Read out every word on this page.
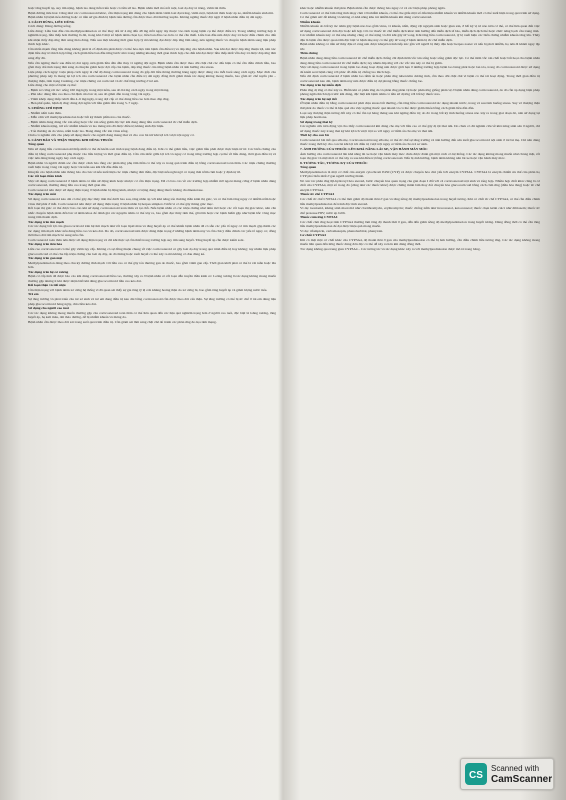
hoặc tăng huyết áp, suy tim nặng, bệnh lao đang tiến triển hoặc có tiền sử lao. Bệnh nhân mới mổ nối ruột, loét dạ dày tá tràng, viêm túi thừa.

Bệnh đường tiêu hóa: Cũng như các corticosteroid khác, cần thận trọng khi dùng cho bệnh nhân viêm loét đại tràng, viêm ruột, bệnh túi thừa hoặc áp xe, nhiễm khuẩn sinh mủ.

Bệnh nhân bị bệnh tiểu đường hoặc có tiền sử gia đình bị bệnh tiểu đường cần được theo dõi thường xuyên. Không ngừng thuốc đột ngột ở bệnh nhân điều trị dài ngày.

4. CÁCH DÙNG, LIỀU DÙNG

Cách dùng: Dùng đường uống.

Liều dùng: Liều ban đầu của methylprednisolon có thể thay đổi từ 4 mg đến 48 mg mỗi ngày tùy thuộc vào tình trạng bệnh cụ thể được điều trị. Trong những trường hợp ít nghiêm trọng, liều thấp hơn thường là đủ, trong khi ở một số bệnh nhân chọn lọc, liều ban đầu cao hơn có thể cần thiết. Liều ban đầu nên được duy trì hoặc điều chỉnh cho đến khi nhận thấy đáp ứng lâm sàng thỏa đáng. Nếu sau một khoảng thời gian hợp lý mà không đạt được đáp ứng lâm sàng, nên ngừng thuốc và chuyển bệnh nhân sang liệu pháp thích hợp khác.

Cần nhấn mạnh rằng liều dùng không phải là cố định mà phải được cá thể hóa dựa trên bệnh cần điều trị và đáp ứng của bệnh nhân. Sau khi đạt được đáp ứng thuận lợi, nên xác định liều duy trì thích hợp bằng cách giảm liều ban đầu từng bước nhỏ trong những khoảng thời gian thích hợp cho đến khi đạt được liều thấp nhất vẫn duy trì được đáp ứng lâm sàng đầy đủ.

Nếu cần ngừng thuốc sau điều trị dài ngày, nên giảm liều dần dần thay vì ngừng đột ngột. Bệnh nhân cần được theo dõi chặt chẽ các dấu hiệu có thể cần điều chỉnh liều, bao gồm thay đổi tình trạng lâm sàng do thuyên giảm hoặc đợt cấp của bệnh, đáp ứng thuốc của từng bệnh nhân và ảnh hưởng của stress.

Liệu pháp cách ngày: Liệu pháp cách ngày là chế độ dùng corticosteroid trong đó gấp đôi liều thông thường hàng ngày được dùng vào mỗi buổi sáng cách ngày. Mục đích của phương pháp này là mang lại lợi ích của corticosteroid cho bệnh nhân cần điều trị dài ngày đồng thời giảm thiểu tác dụng không mong muốn, bao gồm ức chế tuyến yên – thượng thận, tình trạng Cushing, các triệu chứng cai corticoid và ức chế tăng trưởng ở trẻ em.

Liều dùng cho một số bệnh cụ thể:

– Bệnh xơ cứng rải rác: uống 160 mg/ngày trong một tuần, sau đó 64 mg cách ngày trong một tháng.

– Phù não: dùng liều cao theo chỉ định của bác sĩ, sau đó giảm dần trong vòng vài ngày.

– Viêm khớp dạng thấp: khởi đầu 4–6 mg/ngày, trong đợt cấp có thể dùng liều cao hơn theo đáp ứng.

– Hen phế quản, bệnh dị ứng: dùng đợt ngắn với liều giảm dần trong 5–7 ngày.

5. CHỐNG CHỈ ĐỊNH

– Nhiễm nấm toàn thân.

– Mẫn cảm với methylprednisolon hoặc bất kỳ thành phần nào của thuốc.

– Bệnh nhân đang dùng vắc xin sống hoặc vắc xin sống giảm độc lực khi đang dùng liều corticosteroid ức chế miễn dịch.

– Nhiễm khuẩn nặng, trừ sốc nhiễm khuẩn và lao màng não đã được điều trị kháng sinh đặc hiệu.

– Tổn thương da do virus, nấm hoặc lao. Đang dùng vắc xin virus sống.

Chưa có nghiên cứu cho phép sử dụng thuốc cho người đang mang thai và cho con bú trừ khi lợi ích vượt trội nguy cơ.

6. CẢNH BÁO VÀ THẬN TRỌNG KHI DÙNG THUỐC

Tổng quan

Nên sử dụng liều corticosteroid thấp nhất có thể để kiểm soát tình trạng bệnh đang điều trị. Khi có thể giảm liều, việc giảm liều phải được thực hiện từ từ. Các biến chứng của điều trị bằng corticosteroid phụ thuộc vào liều lượng và thời gian điều trị. Cần cân nhắc giữa lợi ích và nguy cơ trong từng trường hợp cụ thể về liều dùng, thời gian điều trị và việc nên dùng hàng ngày hay cách ngày.

Bệnh nhân và người chăm sóc cần được cảnh báo rằng các phản ứng phụ tâm thần có thể xảy ra trong quá trình điều trị bằng corticosteroid toàn thân. Các triệu chứng thường xuất hiện trong vòng vài ngày hoặc vài tuần sau khi bắt đầu điều trị.

Khuyến cáo bệnh nhân nên thông báo cho bác sĩ nếu xuất hiện các triệu chứng tâm thần, đặc biệt nếu nghi ngờ có trạng thái trầm cảm hoặc ý định tự tử.

Các rối loạn thần kinh

Việc sử dụng corticosteroid ở bệnh nhân có tiền sử động kinh hoặc nhược cơ cần thận trọng. Đã có báo cáo về các trường hợp nhiễm mỡ ngoài màng cứng ở bệnh nhân dùng corticosteroid, thường dùng liều cao trong thời gian dài.

Corticosteroid nên được sử dụng thận trọng ở bệnh nhân bị động kinh, nhược cơ nặng đang dùng thuốc kháng cholinesterase.

Tác dụng trên mắt

Sử dụng corticosteroid kéo dài có thể gây đục thủy tinh thể dưới bao sau, tăng nhãn áp với khả năng tổn thương thần kinh thị giác, và có thể làm tăng nguy cơ nhiễm nấm hoặc virus thứ phát ở mắt. Corticosteroid nên được sử dụng thận trọng ở bệnh nhân bị herpes simplex ở mắt vì có thể gây thủng giác mạc.

Rối loạn thị giác có thể được báo cáo khi sử dụng corticosteroid toàn thân và tại chỗ. Nếu bệnh nhân có các triệu chứng như nhìn mờ hoặc các rối loạn thị giác khác, nên cân nhắc chuyển bệnh nhân đến bác sĩ nhãn khoa để đánh giá các nguyên nhân có thể xảy ra, bao gồm đục thủy tinh thể, glôcôm hoặc các bệnh hiếm gặp như bệnh hắc võng mạc trung tâm thanh dịch.

Tác dụng trên tim mạch

Các tác dụng bất lợi của glucocorticoid trên hệ tim mạch như rối loạn lipid máu và tăng huyết áp có thể khiến bệnh nhân đã có sẵn các yếu tố nguy cơ tim mạch gặp thêm các tác dụng tim mạch khác nếu dùng liều cao và kéo dài. Do đó, corticosteroid nên được dùng thận trọng ở những bệnh nhân này và cần chú ý điều chỉnh các yếu tố nguy cơ, đồng thời theo dõi tim mạch bổ sung nếu cần.

Corticosteroid toàn thân nên được sử dụng thận trọng và chỉ khi thực sự cần thiết trong trường hợp suy tim sung huyết. Tăng huyết áp cần được kiểm soát.

Tác dụng trên tiêu hóa

Liều cao corticosteroid có thể gây viêm tụy cấp. Không có sự đồng thuận chung về việc corticosteroid có gây loét dạ dày trong quá trình điều trị hay không; tuy nhiên liệu pháp glucocorticoid có thể che lấp triệu chứng của loét dạ dày, do đó thủng hoặc xuất huyết có thể xảy ra mà không có đau đáng kể.

Tác dụng trên gan mật

Methylprednisolon dùng theo chu kỳ đường tĩnh mạch với liều cao có thể gây tổn thương gan do thuốc, bao gồm viêm gan cấp. Thời gian khởi phát có thể là vài tuần hoặc lâu hơn.

Tác dụng trên hệ cơ xương

Bệnh cơ cấp tính đã được báo cáo khi dùng corticosteroid liều cao, thường xảy ra ở bệnh nhân có rối loạn dẫn truyền thần kinh cơ. Loãng xương là tác dụng không mong muốn thường gặp nhưng ít khi được nhận biết khi dùng glucocorticoid liều cao kéo dài.

Rối loạn thận và tiết niệu

Cần thận trọng với bệnh nhân xơ cứng hệ thống vì đã quan sát thấy sự gia tăng tỷ lệ cơn khủng hoảng thận do xơ cứng bì, bao gồm tăng huyết áp và giảm lượng nước tiểu.

Trẻ em

Sự tăng trưởng và phát triển của trẻ sơ sinh và trẻ em đang điều trị kéo dài bằng corticosteroid cần được theo dõi cẩn thận. Sự tăng trưởng có thể bị ức chế ở trẻ em dùng liệu pháp glucocorticoid hàng ngày, chia liều kéo dài.

Sử dụng cho người cao tuổi

Các tác dụng không mong muốn thường gặp của corticosteroid toàn thân có thể liên quan đến các hậu quả nghiêm trọng hơn ở người cao tuổi, đặc biệt là loãng xương, tăng huyết áp, hạ kali máu, đái tháo đường, dễ bị nhiễm khuẩn và mỏng da.

Bệnh nhân cần được theo dõi sát trong suốt quá trình điều trị. Cần giám sát lâm sàng chặt chẽ để tránh các phản ứng đe dọa tính mạng.

khác hoặc nhiễm khuẩn thứ phát. Bệnh nhân cần được thông báo nguy cơ và các biện pháp phòng ngừa.

Corticosteroid có thể làm tăng tính nhạy cảm với nhiễm khuẩn, có thể che giấu một số dấu hiệu nhiễm khuẩn và nhiễm khuẩn mới có thể xuất hiện trong quá trình sử dụng. Có thể giảm sức đề kháng và không có khả năng khu trú nhiễm khuẩn khi dùng corticosteroid.

Nhiễm khuẩn

Nhiễm khuẩn do bất kỳ tác nhân gây bệnh nào bao gồm virus, vi khuẩn, nấm, động vật nguyên sinh hoặc giun sán, ở bất kỳ vị trí nào trên cơ thể, có thể liên quan đến việc sử dụng corticosteroid đơn độc hoặc kết hợp với các thuốc ức chế miễn dịch khác ảnh hưởng đến miễn dịch tế bào, miễn dịch dịch thể hoặc chức năng bạch cầu trung tính.

Các nhiễm khuẩn này có thể nhẹ nhưng cũng có thể nặng và đôi khi gây tử vong. Khi tăng liều corticosteroid, tỷ lệ xuất hiện các biến chứng nhiễm khuẩn tăng lên. Thủy đậu là bệnh cần được quan tâm đặc biệt vì bệnh nhẹ này có thể gây tử vong ở bệnh nhân bị ức chế miễn dịch.

Bệnh nhân không có tiền sử thủy đậu rõ ràng nên được khuyên tránh tiếp xúc gần với người bị thủy đậu hoặc herpes zoster và nếu bị phơi nhiễm, họ nên đi khám ngay lập tức.

Tiêm chủng

Bệnh nhân đang dùng liều corticosteroid ức chế miễn dịch chống chỉ định tiêm vắc xin sống hoặc sống giảm độc lực. Có thể tiêm vắc xin chết hoặc bất hoạt cho bệnh nhân đang dùng liều corticosteroid ức chế miễn dịch; tuy nhiên đáp ứng với các vắc xin này có thể bị giảm.

Việc sử dụng corticosteroid trong bệnh lao đang hoạt động nên được giới hạn ở những trường hợp bệnh lao bùng phát hoặc lan tỏa, trong đó corticosteroid được sử dụng để kiểm soát bệnh cùng với phác đồ điều trị chống lao thích hợp.

Nếu chỉ định corticosteroid ở bệnh nhân lao tiềm ẩn hoặc phản ứng tuberculin dương tính, cần theo dõi chặt chẽ vì bệnh có thể tái hoạt động. Trong thời gian điều trị corticosteroid kéo dài, bệnh nhân này nên được điều trị dự phòng bằng thuốc chống lao.

Tác dụng trên hệ miễn dịch

Phản ứng dị ứng có thể xảy ra. Hiếm khi có phản ứng da và phản ứng phản vệ hoặc phản ứng giống phản vệ ở bệnh nhân dùng corticosteroid, do đó cần áp dụng biện pháp phòng ngừa thích hợp trước khi dùng, đặc biệt khi bệnh nhân có tiền sử dị ứng với bất kỳ thuốc nào.

Tác dụng trên hệ nội tiết

Ở bệnh nhân điều trị bằng corticosteroid phải chịu stress bất thường, cần tăng liều corticosteroid tác dụng nhanh trước, trong và sau tình huống stress. Suy vỏ thượng thận thứ phát do thuốc có thể là hậu quả của việc ngừng thuốc quá nhanh và có thể được giảm thiểu bằng cách giảm liều dần dần.

Loại suy thượng thận tương đối này có thể tồn tại hàng tháng sau khi ngừng điều trị; do đó trong bất kỳ tình huống stress nào xảy ra trong giai đoạn đó, nên sử dụng lại liệu pháp hormone.

Sử dụng trong thai kỳ

Các nghiên cứu trên động vật cho thấy corticosteroid khi dùng cho mẹ với liều cao có thể gây dị tật thai nhi. Do chưa có đủ nghiên cứu về khả năng sinh sản ở người, chỉ sử dụng thuốc này trong thai kỳ khi lợi ích vượt trội so với nguy cơ tiềm ẩn cho mẹ và thai nhi.

Thời kỳ cho con bú

Corticosteroid bài tiết qua sữa mẹ. Corticosteroid trong sữa mẹ có thể ức chế sự tăng trưởng và ảnh hưởng đến sản xuất glucocorticoid nội sinh ở trẻ bú mẹ. Chỉ nên dùng thuốc trong thời kỳ cho con bú khi lợi ích điều trị vượt trội nguy cơ tiềm ẩn cho trẻ sơ sinh.

7. ẢNH HƯỞNG CỦA THUỐC LÊN KHẢ NĂNG LÁI XE, VẬN HÀNH MÁY MÓC

Ảnh hưởng của corticosteroid lên khả năng lái xe hoặc vận hành máy móc chưa được đánh giá một cách có hệ thống. Các tác dụng không mong muốn như chóng mặt, rối loạn thị giác và mệt mỏi có thể xảy ra sau khi điều trị bằng corticosteroid. Nếu bị ảnh hưởng, bệnh nhân không nên lái xe hoặc vận hành máy móc.

8. TƯƠNG TÁC, TƯƠNG KỴ CỦA THUỐC

Tổng quan

Methylprednisolon là một cơ chất của enzym cytochrom P450 (CYP) và được chuyển hóa chủ yếu bởi enzym CYP3A4. CYP3A4 là enzym chiếm ưu thế của phân họ CYP phổ biến nhất ở gan người trưởng thành.

Nó xúc tác phản ứng 6β-hydroxyl hóa steroid, bước chuyển hóa quan trọng của giai đoạn I đối với cả corticosteroid nội sinh và tổng hợp. Nhiều hợp chất khác cũng là cơ chất của CYP3A4, một số trong đó (cũng như các thuốc khác) được chứng minh làm thay đổi chuyển hóa glucocorticoid bằng cách cảm ứng (điều hòa tăng) hoặc ức chế enzym CYP3A4.

Thuốc ức chế CYP3A4

Các chất ức chế CYP3A4 có thể làm giảm độ thanh thải ở gan và tăng nồng độ methylprednisolon trong huyết tương. Khi có chất ức chế CYP3A4, có thể cần điều chỉnh liều methylprednisolon để tránh độc tính steroid.

Ví dụ: isoniazid, kháng sinh macrolid như clarithromycin, erythromycin; thuốc chống nấm như itraconazol, ketoconazol; thuốc chẹn kênh calci như diltiazem; thuốc ức chế protease HIV; nước ép bưởi.

Thuốc cảm ứng CYP3A4

Các chất cảm ứng hoạt tính CYP3A4 thường làm tăng độ thanh thải ở gan, dẫn đến giảm nồng độ methylprednisolon trong huyết tương. Dùng đồng thời có thể cần tăng liều methylprednisolon để đạt được hiệu quả mong muốn.

Ví dụ: rifampicin, carbamazepin, phenobarbital, phenytoin.

Cơ chất CYP3A4

Khi có mặt một cơ chất khác của CYP3A4, độ thanh thải ở gan của methylprednisolon có thể bị ảnh hưởng, cần điều chỉnh liều tương ứng. Các tác dụng không mong muốn liên quan đến từng thuốc dùng đơn độc có thể dễ xảy ra hơn khi dùng đồng thời.

Tác dụng không qua trung gian CYP3A4 – Các tương tác và tác dụng khác xảy ra với methylprednisolon được mô tả trong bảng.

CS
Scanned with
CamScanner
